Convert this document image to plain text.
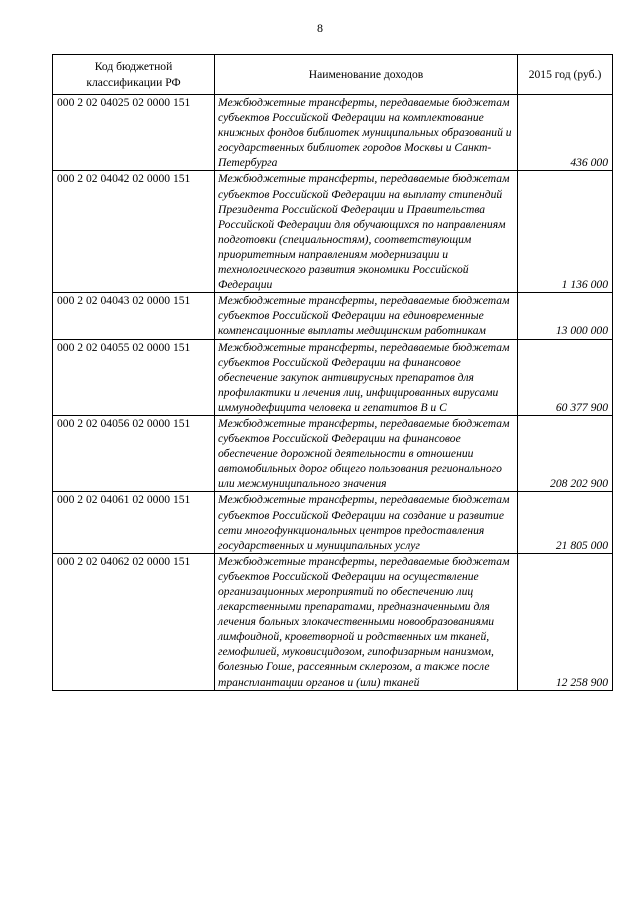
8
Код бюджетной классификации РФ	Наименование доходов	2015 год (руб.)
000 2 02 04025 02 0000 151	Межбюджетные трансферты, передаваемые бюджетам субъектов Российской Федерации на комплектование книжных фондов библиотек муниципальных образований и государственных библиотек городов Москвы и Санкт-Петербурга	436 000
000 2 02 04042 02 0000 151	Межбюджетные трансферты, передаваемые бюджетам субъектов Российской Федерации на выплату стипендий Президента Российской Федерации и Правительства Российской Федерации для обучающихся по направлениям подготовки (специальностям), соответствующим приоритетным направлениям модернизации и технологического развития экономики Российской Федерации	1 136 000
000 2 02 04043 02 0000 151	Межбюджетные трансферты, передаваемые бюджетам субъектов Российской Федерации на единовременные компенсационные выплаты медицинским работникам	13 000 000
000 2 02 04055 02 0000 151	Межбюджетные трансферты, передаваемые бюджетам субъектов Российской Федерации на финансовое обеспечение закупок антивирусных препаратов для профилактики и лечения лиц, инфицированных вирусами иммунодефицита человека и гепатитов В и С	60 377 900
000 2 02 04056 02 0000 151	Межбюджетные трансферты, передаваемые бюджетам субъектов Российской Федерации на финансовое обеспечение дорожной деятельности в отношении автомобильных дорог общего пользования регионального или межмуниципального значения	208 202 900
000 2 02 04061 02 0000 151	Межбюджетные трансферты, передаваемые бюджетам субъектов Российской Федерации на создание и развитие сети многофункциональных центров предоставления государственных и муниципальных услуг	21 805 000
000 2 02 04062 02 0000 151	Межбюджетные трансферты, передаваемые бюджетам субъектов Российской Федерации на осуществление организационных мероприятий по обеспечению лиц лекарственными препаратами, предназначенными для лечения больных злокачественными новообразованиями лимфоидной, кроветворной и родственных им тканей, гемофилией, муковисцидозом, гипофизарным нанизмом, болезнью Гоше, рассеянным склерозом, а также после трансплантации органов и (или) тканей	12 258 900
